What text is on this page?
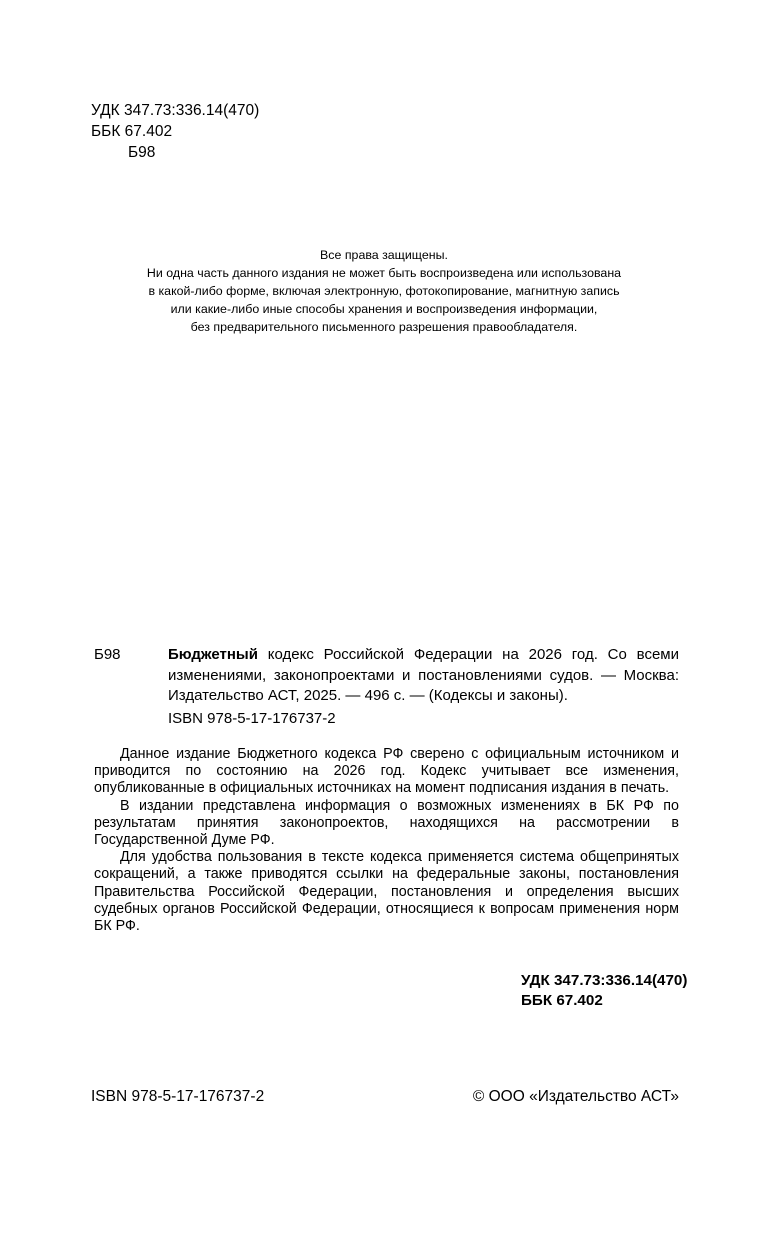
УДК 347.73:336.14(470)
ББК 67.402
Б98
Все права защищены.
Ни одна часть данного издания не может быть воспроизведена или использована
в какой-либо форме, включая электронную, фотокопирование, магнитную запись
или какие-либо иные способы хранения и воспроизведения информации,
без предварительного письменного разрешения правообладателя.
Б98	Бюджетный кодекс Российской Федерации на 2026 год. Со всеми изменениями, законопроектами и постановлениями судов. — Москва: Издательство АСТ, 2025. — 496 с. — (Кодексы и законы).
ISBN 978-5-17-176737-2

Данное издание Бюджетного кодекса РФ сверено с официальным источником и приводится по состоянию на 2026 год. Кодекс учитывает все изменения, опубликованные в официальных источниках на момент подписания издания в печать.

В издании представлена информация о возможных изменениях в БК РФ по результатам принятия законопроектов, находящихся на рассмотрении в Государственной Думе РФ.

Для удобства пользования в тексте кодекса применяется система общепринятых сокращений, а также приводятся ссылки на федеральные законы, постановления Правительства Российской Федерации, постановления и определения высших судебных органов Российской Федерации, относящиеся к вопросам применения норм БК РФ.

УДК 347.73:336.14(470)
ББК 67.402
ISBN 978-5-17-176737-2	© ООО «Издательство АСТ»
